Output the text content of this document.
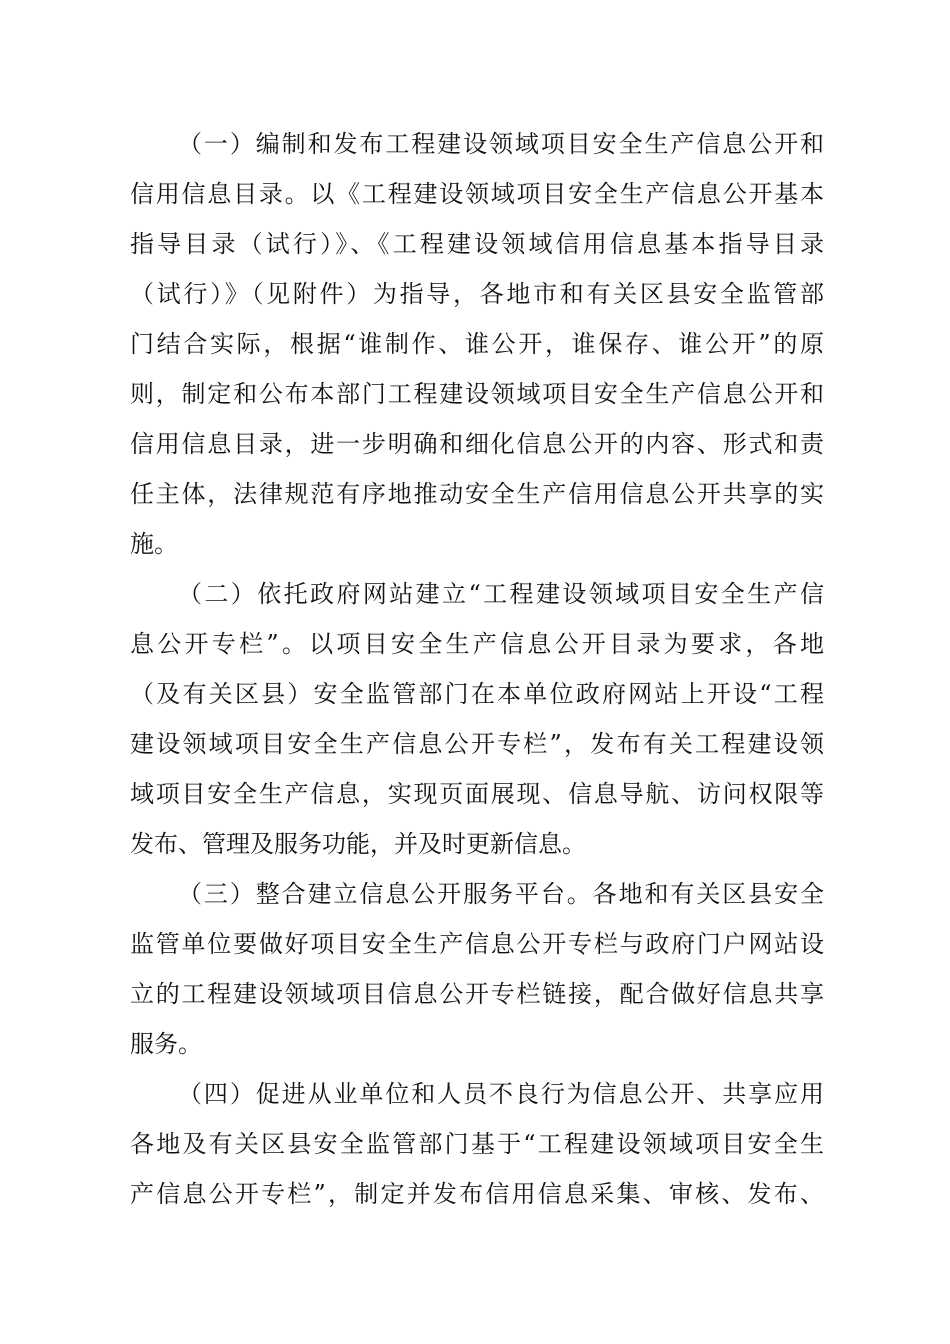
（一）编制和发布工程建设领域项目安全生产信息公开和
信用信息目录。以《工程建设领域项目安全生产信息公开基本
指导目录（试行）》、《工程建设领域信用信息基本指导目录
（试行）》（见附件）为指导，各地市和有关区县安全监管部
门结合实际，根据“谁制作、谁公开，谁保存、谁公开”的原
则，制定和公布本部门工程建设领域项目安全生产信息公开和
信用信息目录，进一步明确和细化信息公开的内容、形式和责
任主体，法律规范有序地推动安全生产信用信息公开共享的实
施。
（二）依托政府网站建立“工程建设领域项目安全生产信
息公开专栏”。以项目安全生产信息公开目录为要求，各地
（及有关区县）安全监管部门在本单位政府网站上开设“工程
建设领域项目安全生产信息公开专栏”，发布有关工程建设领
域项目安全生产信息，实现页面展现、信息导航、访问权限等
发布、管理及服务功能，并及时更新信息。
（三）整合建立信息公开服务平台。各地和有关区县安全
监管单位要做好项目安全生产信息公开专栏与政府门户网站设
立的工程建设领域项目信息公开专栏链接，配合做好信息共享
服务。
（四）促进从业单位和人员不良行为信息公开、共享应用
各地及有关区县安全监管部门基于“工程建设领域项目安全生
产信息公开专栏”，制定并发布信用信息采集、审核、发布、
